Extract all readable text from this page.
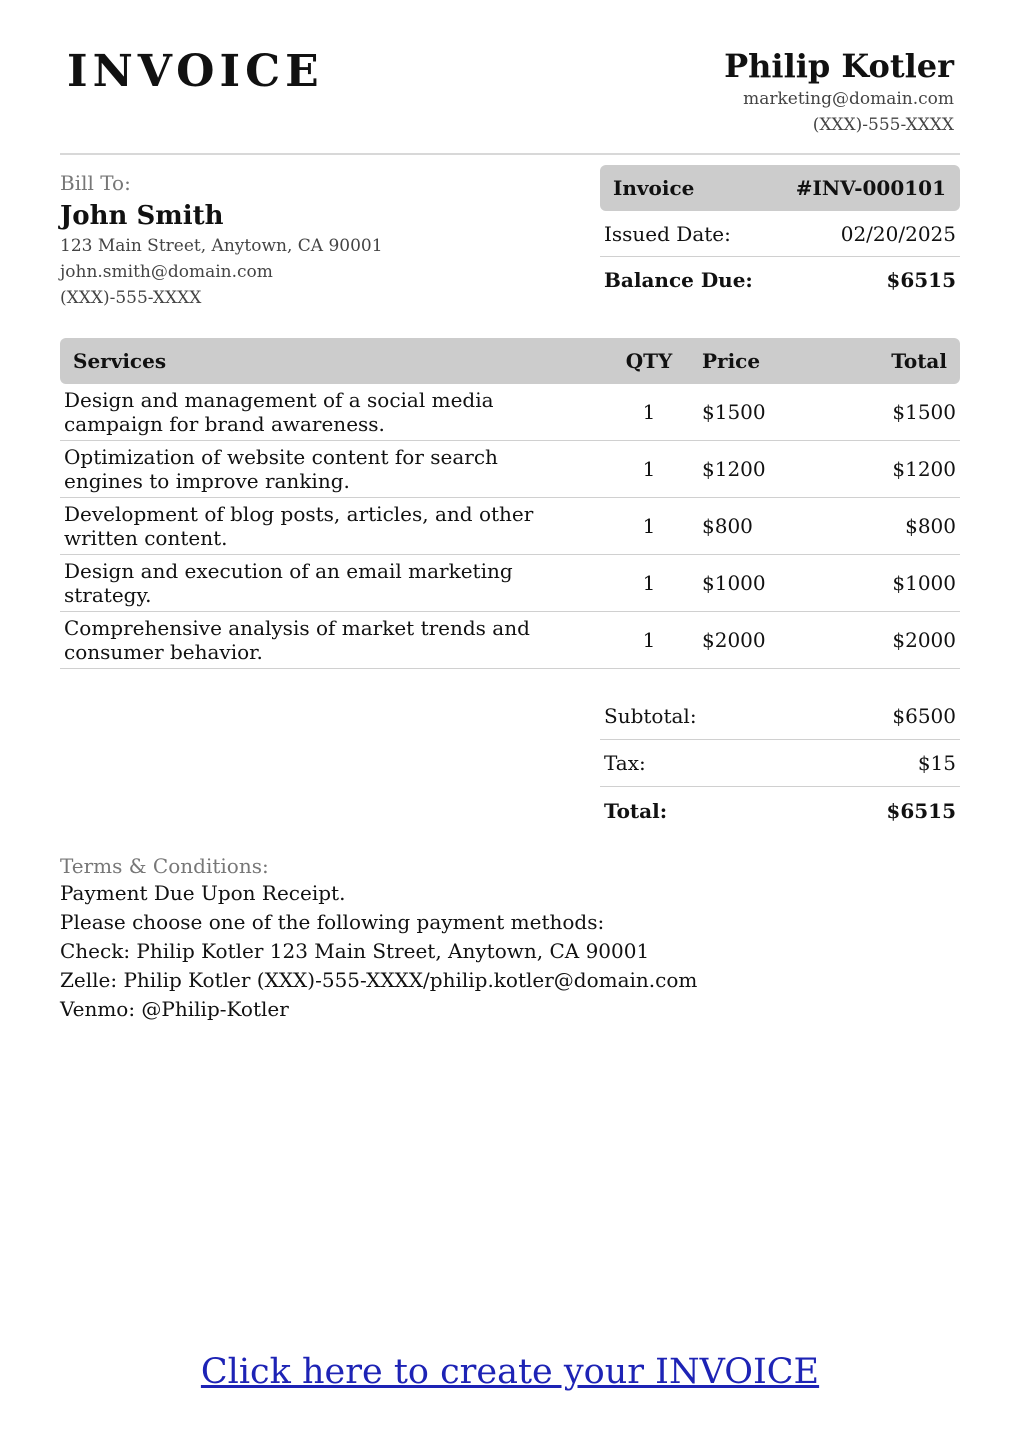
INVOICE	Philip Kotler
marketing@domain.com
(XXX)-555-XXXX
Bill To:
John Smith
123 Main Street, Anytown, CA 90001
john.smith@domain.com
(XXX)-555-XXXX
Invoice	#INV-000101
Issued Date:	02/20/2025
Balance Due:	$6515
Services	QTY Price	Total
Design and management of a social media campaign for brand awareness.	1	$1500	$1500
Optimization of website content for search engines to improve ranking.	1	$1200	$1200
Development of blog posts, articles, and other written content.	1	$800	$800
Design and execution of an email marketing strategy.	1	$1000	$1000
Comprehensive analysis of market trends and consumer behavior.	1	$2000	$2000
Subtotal:	$6500
Tax:	$15
Total:	$6515
Terms & Conditions:
Payment Due Upon Receipt.
Please choose one of the following payment methods:
Check: Philip Kotler 123 Main Street, Anytown, CA 90001
Zelle: Philip Kotler (XXX)-555-XXXX/philip.kotler@domain.com
Venmo: @Philip-Kotler
Click here to create your INVOICE
